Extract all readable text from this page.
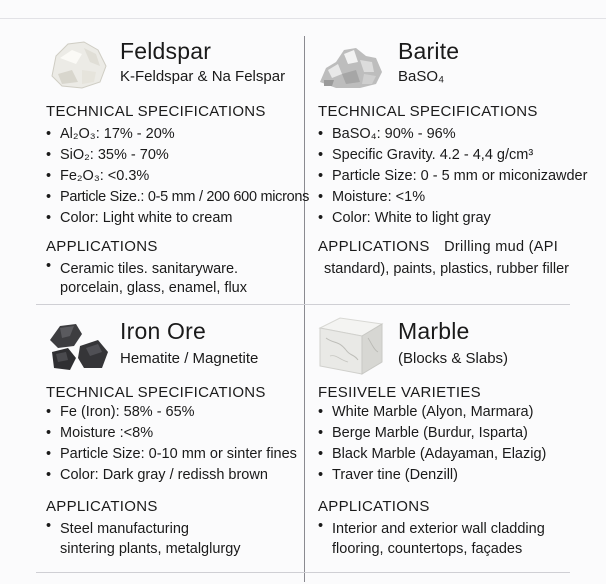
Feldspar
K-Feldspar & Na Felspar
TECHNICAL SPECIFICATIONS
• Al₂O₃: 17% - 20%
• SiO₂: 35% - 70%
• Fe₂O₃: <0.3%
• Particle Size.: 0-5 mm / 200 600 microns
• Color: Light white to cream
APPLICATIONS
Ceramic tiles. sanitaryware.
•
porcelain, glass, enamel, flux
Barite
BaSO₄
TECHNICAL SPECIFICATIONS
• BaSO₄: 90% - 96%
• Specific Gravity. 4.2 - 4,4 g/cm³
• Particle Size: 0 - 5 mm or miconizawder
• Moisture: <1%
• Color: White to light gray
APPLICATIONS Drilling mud (API
standard), paints, plastics, rubber filler
Iron Ore
Hematite / Magnetite
TECHNICAL SPECIFICATIONS
• Fe (Iron): 58% - 65%
• Moisture :<8%
• Particle Size: 0-10 mm or sinter fines
• Color: Dark gray / redissh brown
APPLICATIONS
• Steel manufacturing
sintering plants, metalglurgy
Marble
(Blocks & Slabs)
FESIIVELE VARIETIES
• White Marble (Alyon, Marmara)
• Berge Marble (Burdur, Isparta)
• Black Marble (Adayaman, Elazig)
• Traver tine (Denzill)
APPLICATIONS
• Interior and exterior wall cladding
flooring, countertops, façades
